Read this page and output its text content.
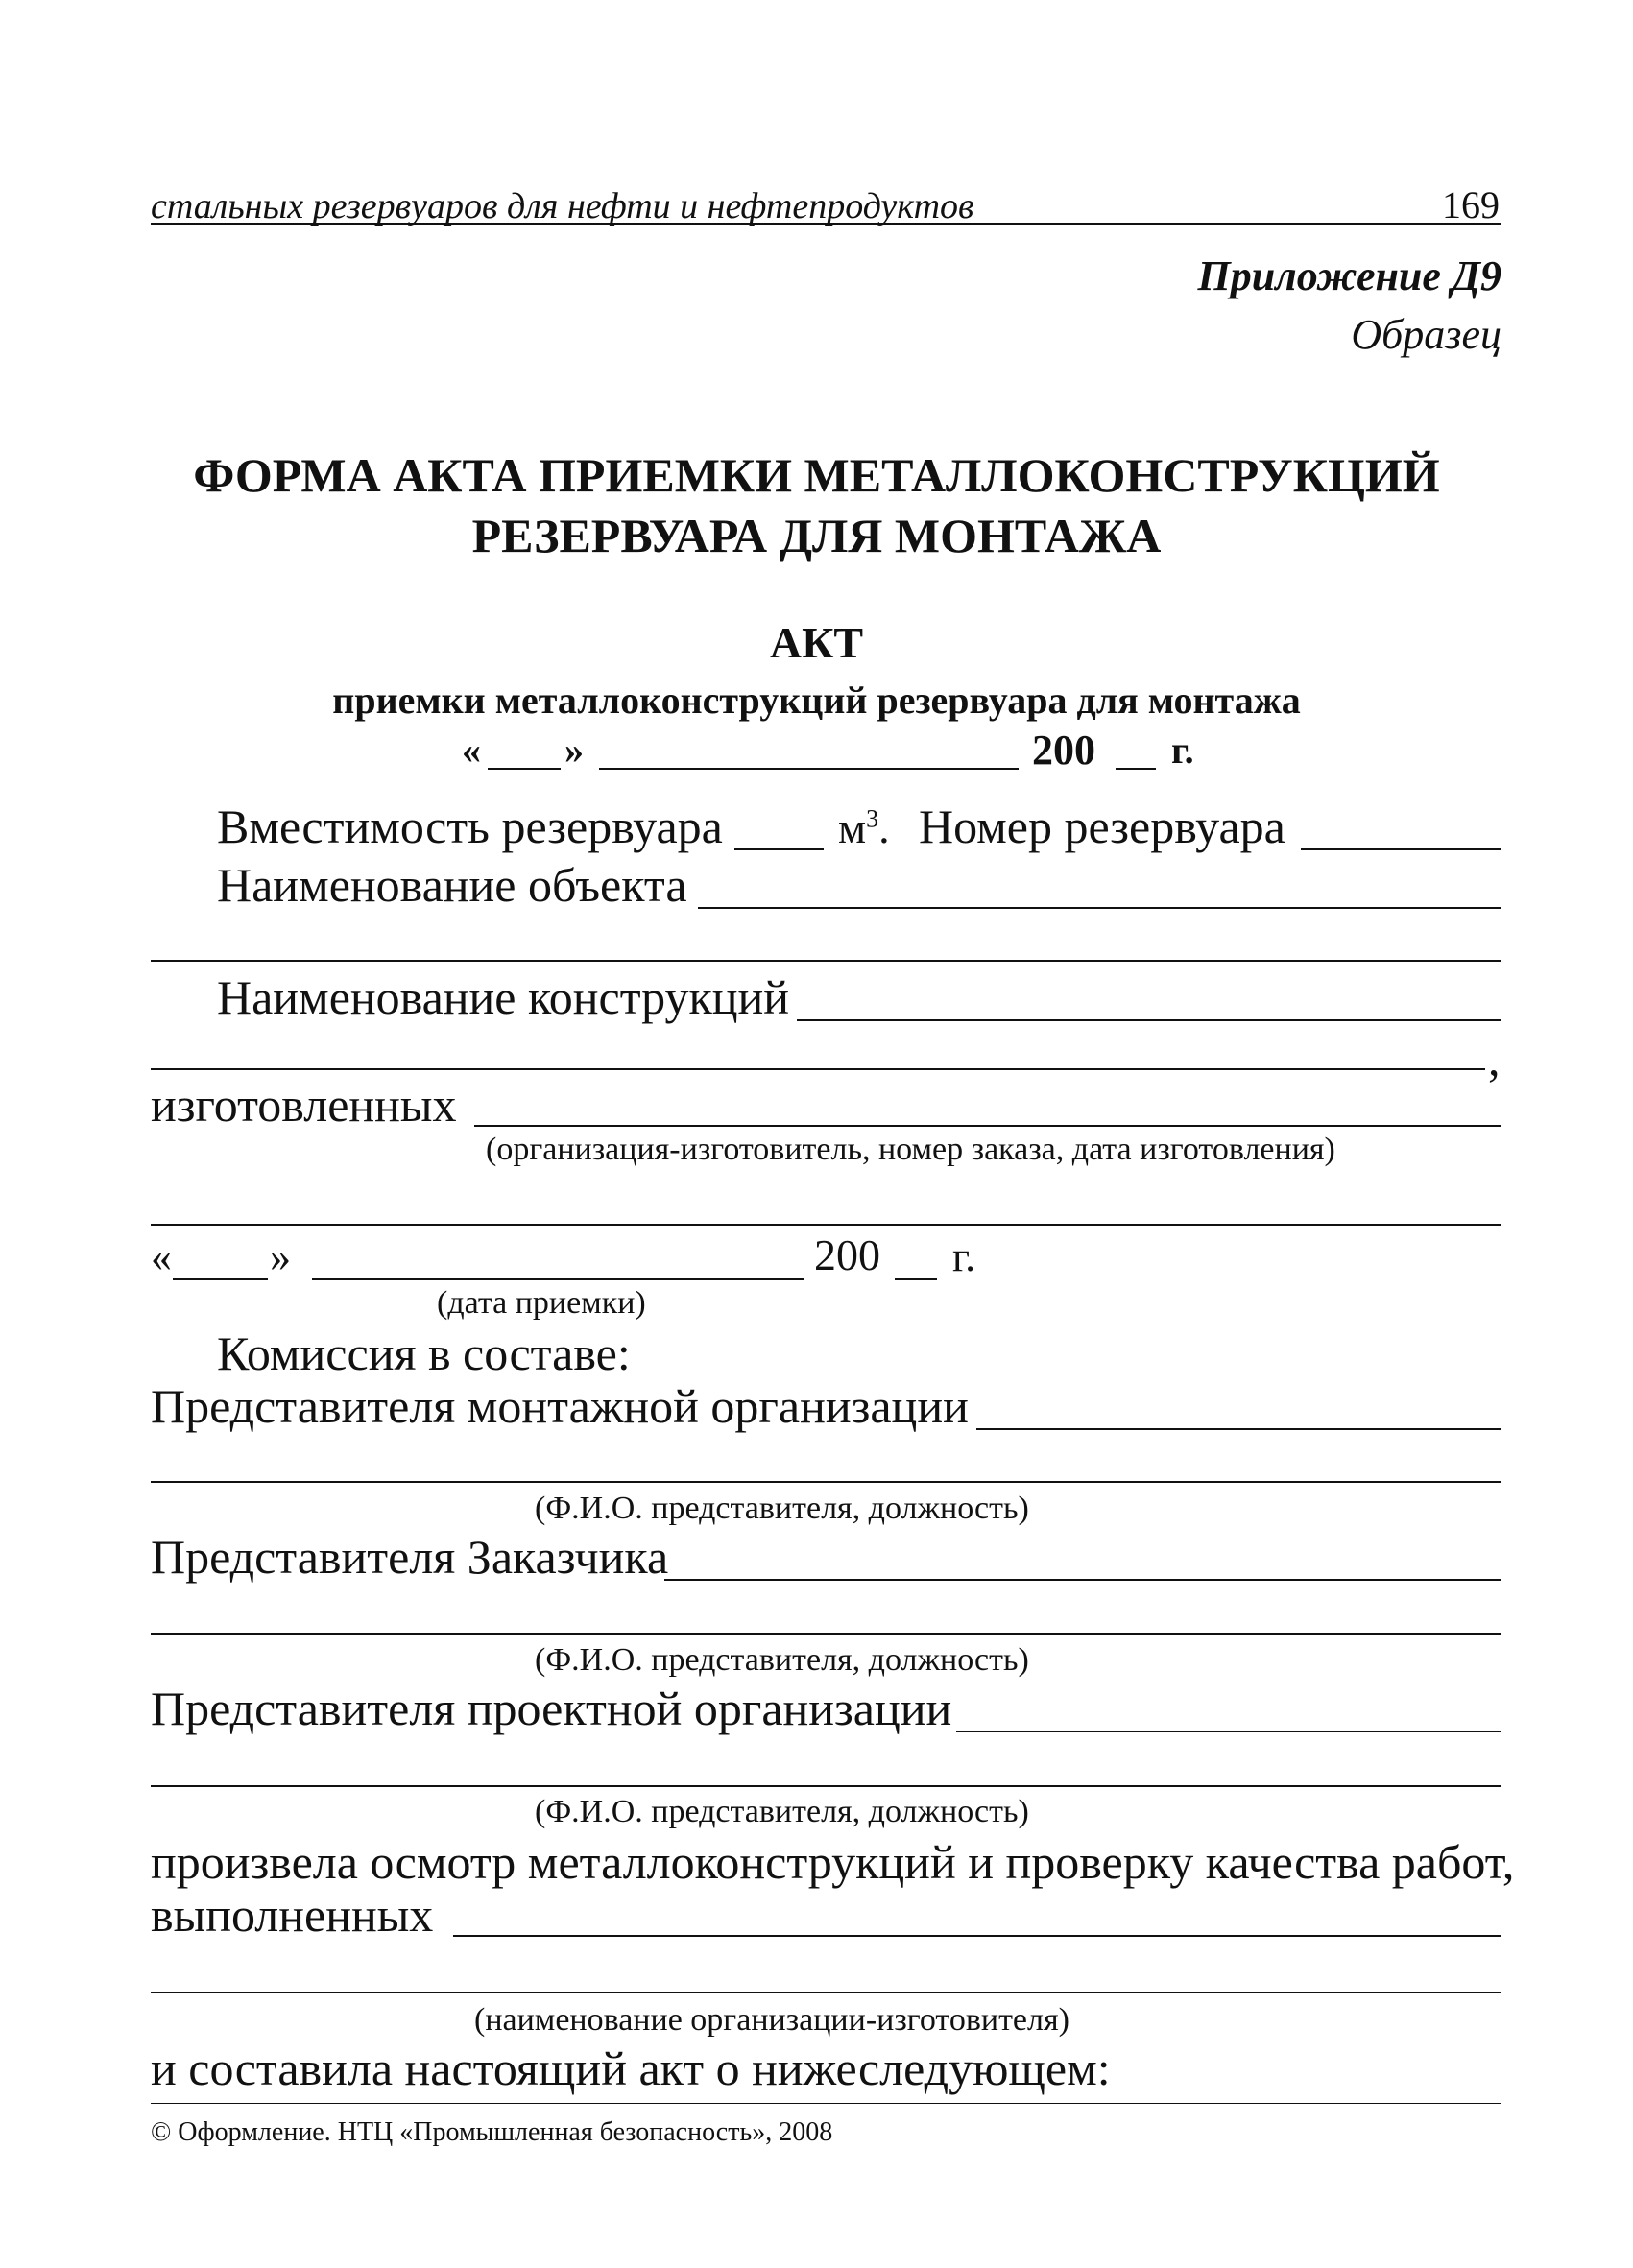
стальных резервуаров для нефти и нефтепродуктов	169
Приложение Д9
Образец
ФОРМА АКТА ПРИЕМКИ МЕТАЛЛОКОНСТРУКЦИЙ
РЕЗЕРВУАРА ДЛЯ МОНТАЖА
АКТ
приемки металлоконструкций резервуара для монтажа
« »	200 г.
Вместимость резервуара	$м^3$. Номер резервуара
Наименование объекта
Наименование конструкций
,
изготовленных
(организация-изготовитель, номер заказа, дата изготовления)
« »	200 г.
(дата приемки)
Комиссия в составе:
Представителя монтажной организации
(Ф.И.О. представителя, должность)
Представителя Заказчика
(Ф.И.О. представителя, должность)
Представителя проектной организации
(Ф.И.О. представителя, должность)
произвела осмотр металлоконструкций и проверку качества работ,
выполненных
(наименование организации-изготовителя)
и составила настоящий акт о нижеследующем:
© Оформление. НТЦ «Промышленная безопасность», 2008
